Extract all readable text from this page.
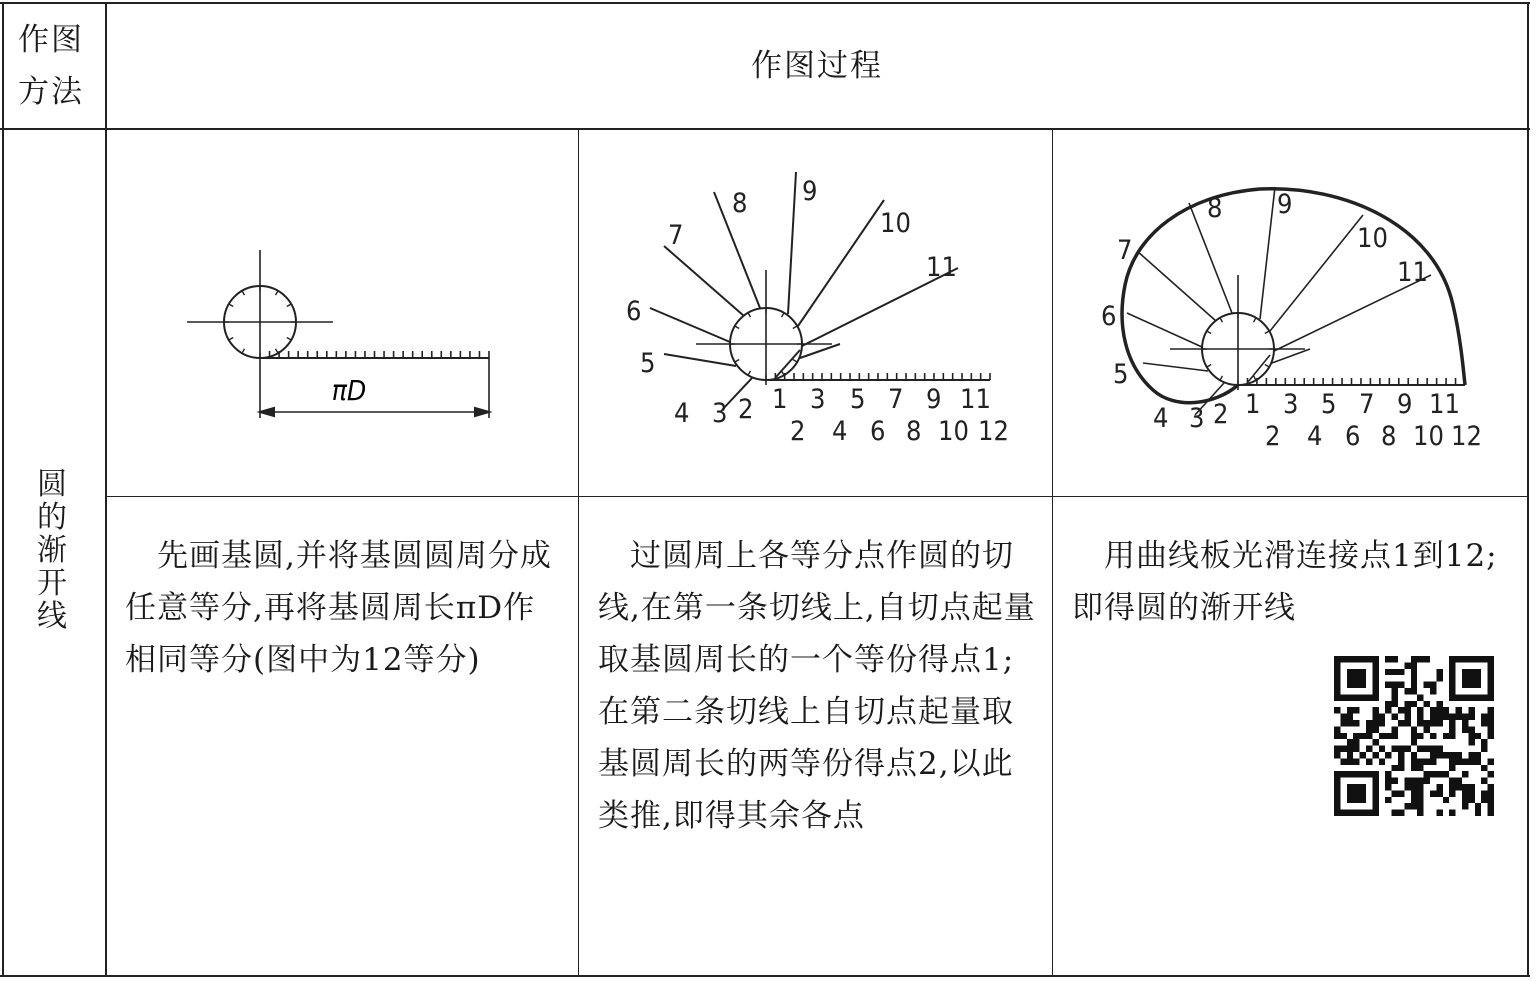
作图
方法
作图过程
圆
的
渐
开
线
πD
4
5
6
7
8 9
10
11
3 2 1 3 5 7 9 11
2 4 6 8 10 12	4
5
6
7
8 9
10
11
3 2 1 3 5 7 9 11
2 4 6 8 10 12
　先画基圆,并将基圆圆周分成任意等分,再将基圆周长πD作相同等分(图中为12等分)
　过圆周上各等分点作圆的切线,在第一条切线上,自切点起量取基圆周长的一个等份得点1;在第二条切线上自切点起量取基圆周长的两等份得点2,以此类推,即得其余各点
　用曲线板光滑连接点1到12;即得圆的渐开线
